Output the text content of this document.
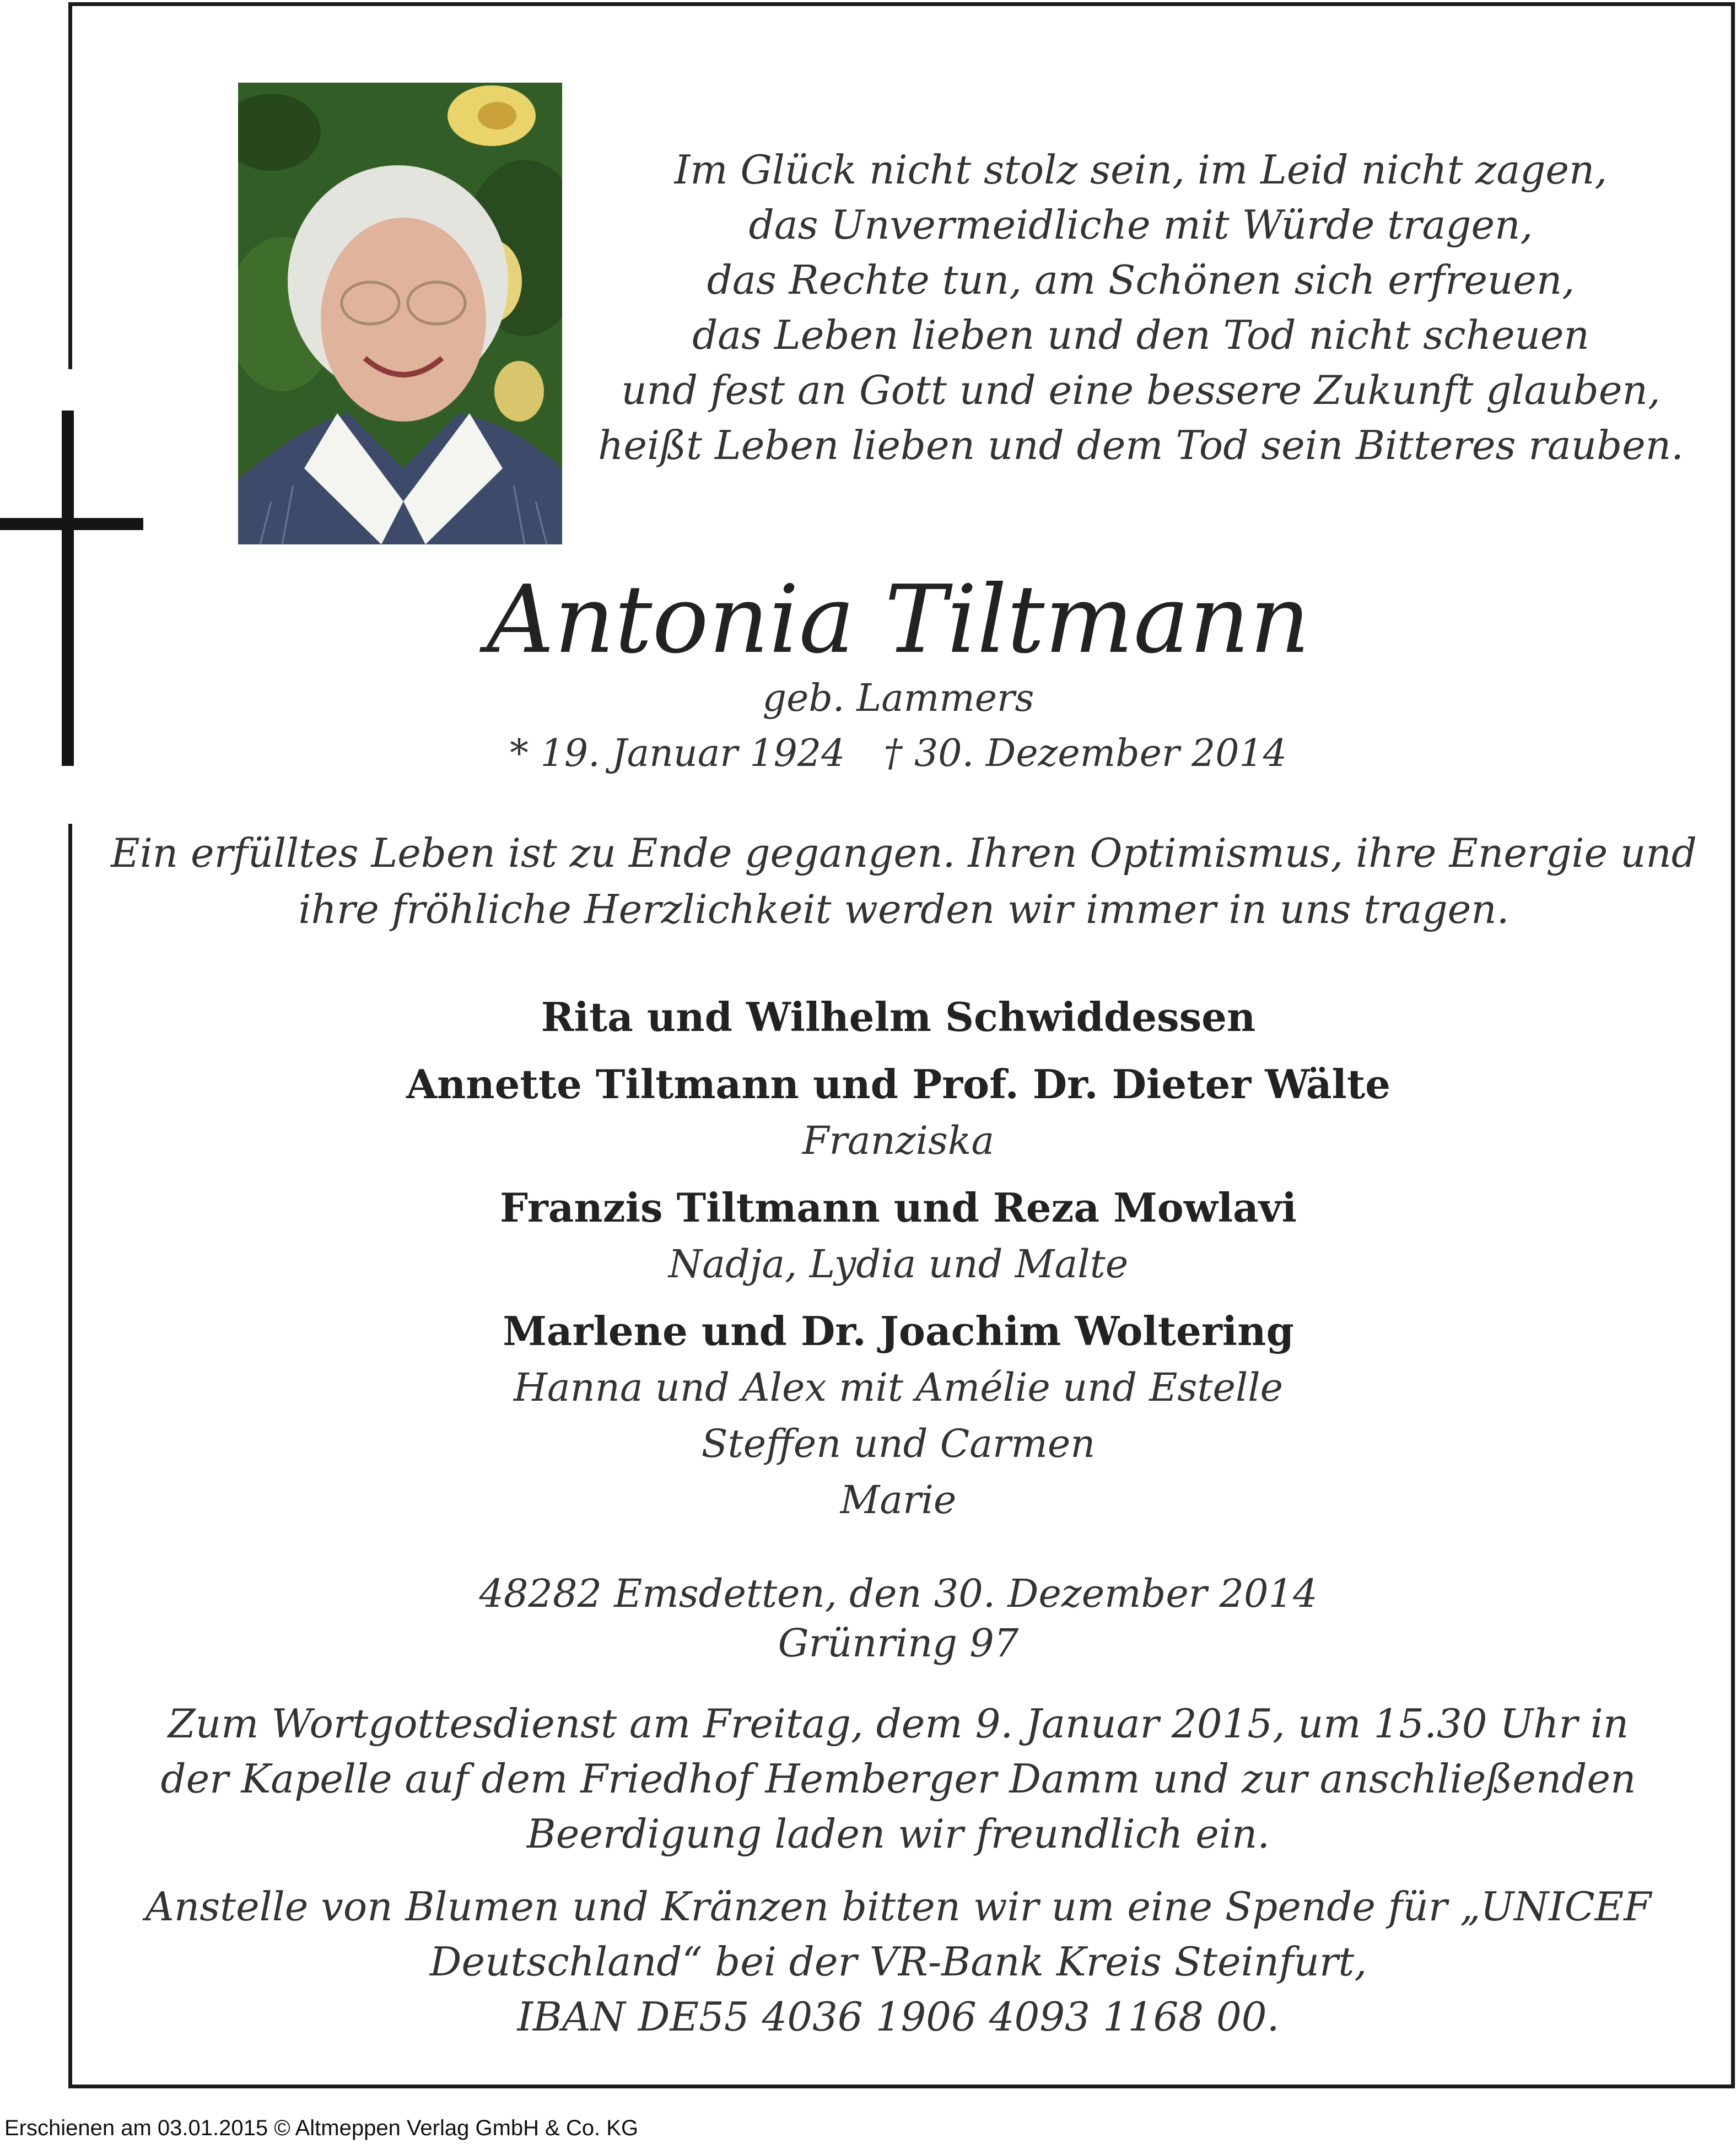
Im Glück nicht stolz sein, im Leid nicht zagen,
das Unvermeidliche mit Würde tragen,
das Rechte tun, am Schönen sich erfreuen,
das Leben lieben und den Tod nicht scheuen
und fest an Gott und eine bessere Zukunft glauben,
heißt Leben lieben und dem Tod sein Bitteres rauben.
Antonia Tiltmann
geb. Lammers
* 19. Januar 1924 † 30. Dezember 2014
Ein erfülltes Leben ist zu Ende gegangen. Ihren Optimismus, ihre Energie und
ihre fröhliche Herzlichkeit werden wir immer in uns tragen.
Rita und Wilhelm Schwiddessen
Annette Tiltmann und Prof. Dr. Dieter Wälte
Franziska
Franzis Tiltmann und Reza Mowlavi
Nadja, Lydia und Malte
Marlene und Dr. Joachim Woltering
Hanna und Alex mit Amélie und Estelle
Steffen und Carmen
Marie
48282 Emsdetten, den 30. Dezember 2014
Grünring 97
Zum Wortgottesdienst am Freitag, dem 9. Januar 2015, um 15.30 Uhr in
der Kapelle auf dem Friedhof Hemberger Damm und zur anschließenden
Beerdigung laden wir freundlich ein.
Anstelle von Blumen und Kränzen bitten wir um eine Spende für „UNICEF
Deutschland“ bei der VR-Bank Kreis Steinfurt,
IBAN DE55 4036 1906 4093 1168 00.
Erschienen am 03.01.2015 © Altmeppen Verlag GmbH & Co. KG
